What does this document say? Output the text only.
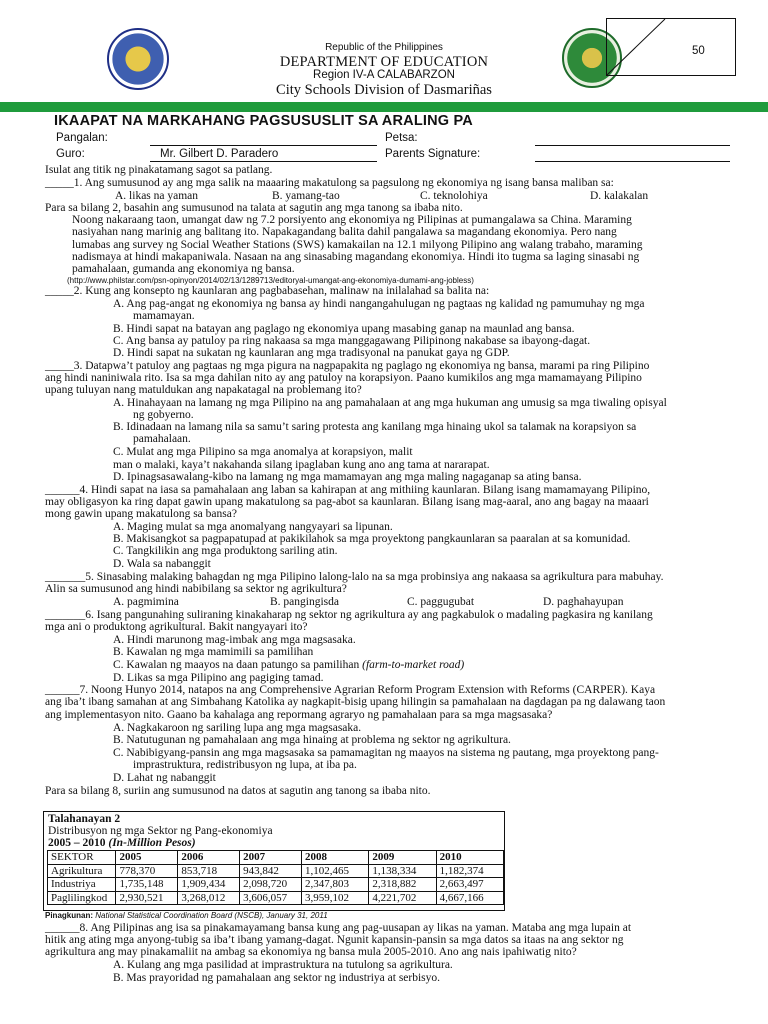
Republic of the Philippines
DEPARTMENT OF EDUCATION
Region IV-A CALABARZON
City Schools Division of Dasmariñas
50
IKAAPAT NA MARKAHANG PAGSUSUSLIT SA ARALING PA
Pangalan:	Petsa:
Guro:	Mr. Gilbert D. Paradero	Parents Signature:
Isulat ang titik ng pinakatamang sagot sa patlang.
_____1. Ang sumusunod ay ang mga salik na maaaring makatulong sa pagsulong ng ekonomiya ng isang bansa maliban sa:
A. likas na yaman	B. yamang-tao	C. teknolohiya	D. kalakalan
Para sa bilang 2, basahin ang sumusunod na talata at sagutin ang mga tanong sa ibaba nito.
Noong nakaraang taon, umangat daw ng 7.2 porsiyento ang ekonomiya ng Pilipinas at pumangalawa sa China. Maraming
nasiyahan nang marinig ang balitang ito. Napakagandang balita dahil pangalawa sa magandang ekonomiya. Pero nang
lumabas ang survey ng Social Weather Stations (SWS) kamakailan na 12.1 milyong Pilipino ang walang trabaho, maraming
nadismaya at hindi makapaniwala. Nasaan na ang sinasabing magandang ekonomiya. Hindi ito tugma sa laging sinasabi ng
pamahalaan, gumanda ang ekonomiya ng bansa.
(http://www.philstar.com/psn-opinyon/2014/02/13/1289713/editoryal-umangat-ang-ekonomiya-dumami-ang-jobless)
_____2. Kung ang konsepto ng kaunlaran ang pagbabasehan, malinaw na inilalahad sa balita na:
A. Ang pag-angat ng ekonomiya ng bansa ay hindi nangangahulugan ng pagtaas ng kalidad ng pamumuhay ng mga
mamamayan.
B. Hindi sapat na batayan ang paglago ng ekonomiya upang masabing ganap na maunlad ang bansa.
C. Ang bansa ay patuloy pa ring nakaasa sa mga manggagawang Pilipinong nakabase sa ibayong-dagat.
D. Hindi sapat na sukatan ng kaunlaran ang mga tradisyonal na panukat gaya ng GDP.
_____3. Datapwa’t patuloy ang pagtaas ng mga pigura na nagpapakita ng paglago ng ekonomiya ng bansa, marami pa ring Pilipino
ang hindi naniniwala rito. Isa sa mga dahilan nito ay ang patuloy na korapsiyon. Paano kumikilos ang mga mamamayang Pilipino
upang tuluyan nang matuldukan ang napakatagal na problemang ito?
A. Hinahayaan na lamang ng mga Pilipino na ang pamahalaan at ang mga hukuman ang umusig sa mga tiwaling opisyal
ng gobyerno.
B. Idinadaan na lamang nila sa samu’t saring protesta ang kanilang mga hinaing ukol sa talamak na korapsiyon sa
pamahalaan.
C. Mulat ang mga Pilipino sa mga anomalya at korapsiyon, malit
man o malaki, kaya’t nakahanda silang ipaglaban kung ano ang tama at nararapat.
D. Ipinagsasawalang-kibo na lamang ng mga mamamayan ang mga maling nagaganap sa ating bansa.
______4. Hindi sapat na iasa sa pamahalaan ang laban sa kahirapan at ang mithiing kaunlaran. Bilang isang mamamayang Pilipino,
may obligasyon ka ring dapat gawin upang makatulong sa pag-abot sa kaunlaran. Bilang isang mag-aaral, ano ang bagay na maaari
mong gawin upang makatulong sa bansa?
A. Maging mulat sa mga anomalyang nangyayari sa lipunan.
B. Makisangkot sa pagpapatupad at pakikilahok sa mga proyektong pangkaunlaran sa paaralan at sa komunidad.
C. Tangkilikin ang mga produktong sariling atin.
D. Wala sa nabanggit
_______5. Sinasabing malaking bahagdan ng mga Pilipino lalong-lalo na sa mga probinsiya ang nakaasa sa agrikultura para mabuhay.
Alin sa sumusunod ang hindi nabibilang sa sektor ng agrikultura?
A. pagmimina	B. pangingisda	C. paggugubat	D. paghahayupan
_______6. Isang pangunahing suliraning kinakaharap ng sektor ng agrikultura ay ang pagkabulok o madaling pagkasira ng kanilang
mga ani o produktong agrikultural. Bakit nangyayari ito?
A. Hindi marunong mag-imbak ang mga magsasaka.
B. Kawalan ng mga mamimili sa pamilihan
C. Kawalan ng maayos na daan patungo sa pamilihan (farm-to-market road)
D. Likas sa mga Pilipino ang pagiging tamad.
______7. Noong Hunyo 2014, natapos na ang Comprehensive Agrarian Reform Program Extension with Reforms (CARPER). Kaya
ang iba’t ibang samahan at ang Simbahang Katolika ay nagkapit-bisig upang hilingin sa pamahalaan na dagdagan pa ng dalawang taon
ang implementasyon nito. Gaano ba kahalaga ang repormang agraryo ng pamahalaan para sa mga magsasaka?
A. Nagkakaroon ng sariling lupa ang mga magsasaka.
B. Natutugunan ng pamahalaan ang mga hinaing at problema ng sektor ng agrikultura.
C. Nabibigyang-pansin ang mga magsasaka sa pamamagitan ng maayos na sistema ng pautang, mga proyektong pang-
imprastruktura, redistribusyon ng lupa, at iba pa.
D. Lahat ng nabanggit
Para sa bilang 8, suriin ang sumusunod na datos at sagutin ang tanong sa ibaba nito.
Talahanayan 2
Distribusyon ng mga Sektor ng Pang-ekonomiya
2005 – 2010 (In-Million Pesos)
SEKTOR	2005	2006	2007	2008	2009	2010
Agrikultura	778,370	853,718	943,842	1,102,465	1,138,334	1,182,374
Industriya	1,735,148	1,909,434	2,098,720	2,347,803	2,318,882	2,663,497
Paglilingkod	2,930,521	3,268,012	3,606,057	3,959,102	4,221,702	4,667,166
Pinagkunan: National Statistical Coordination Board (NSCB), January 31, 2011
______8. Ang Pilipinas ang isa sa pinakamayamang bansa kung ang pag-uusapan ay likas na yaman. Mataba ang mga lupain at
hitik ang ating mga anyong-tubig sa iba’t ibang yamang-dagat. Ngunit kapansin-pansin sa mga datos sa itaas na ang sektor ng
agrikultura ang may pinakamaliit na ambag sa ekonomiya ng bansa mula 2005-2010. Ano ang nais ipahiwatig nito?
A. Kulang ang mga pasilidad at imprastruktura na tutulong sa agrikultura.
B. Mas prayoridad ng pamahalaan ang sektor ng industriya at serbisyo.
